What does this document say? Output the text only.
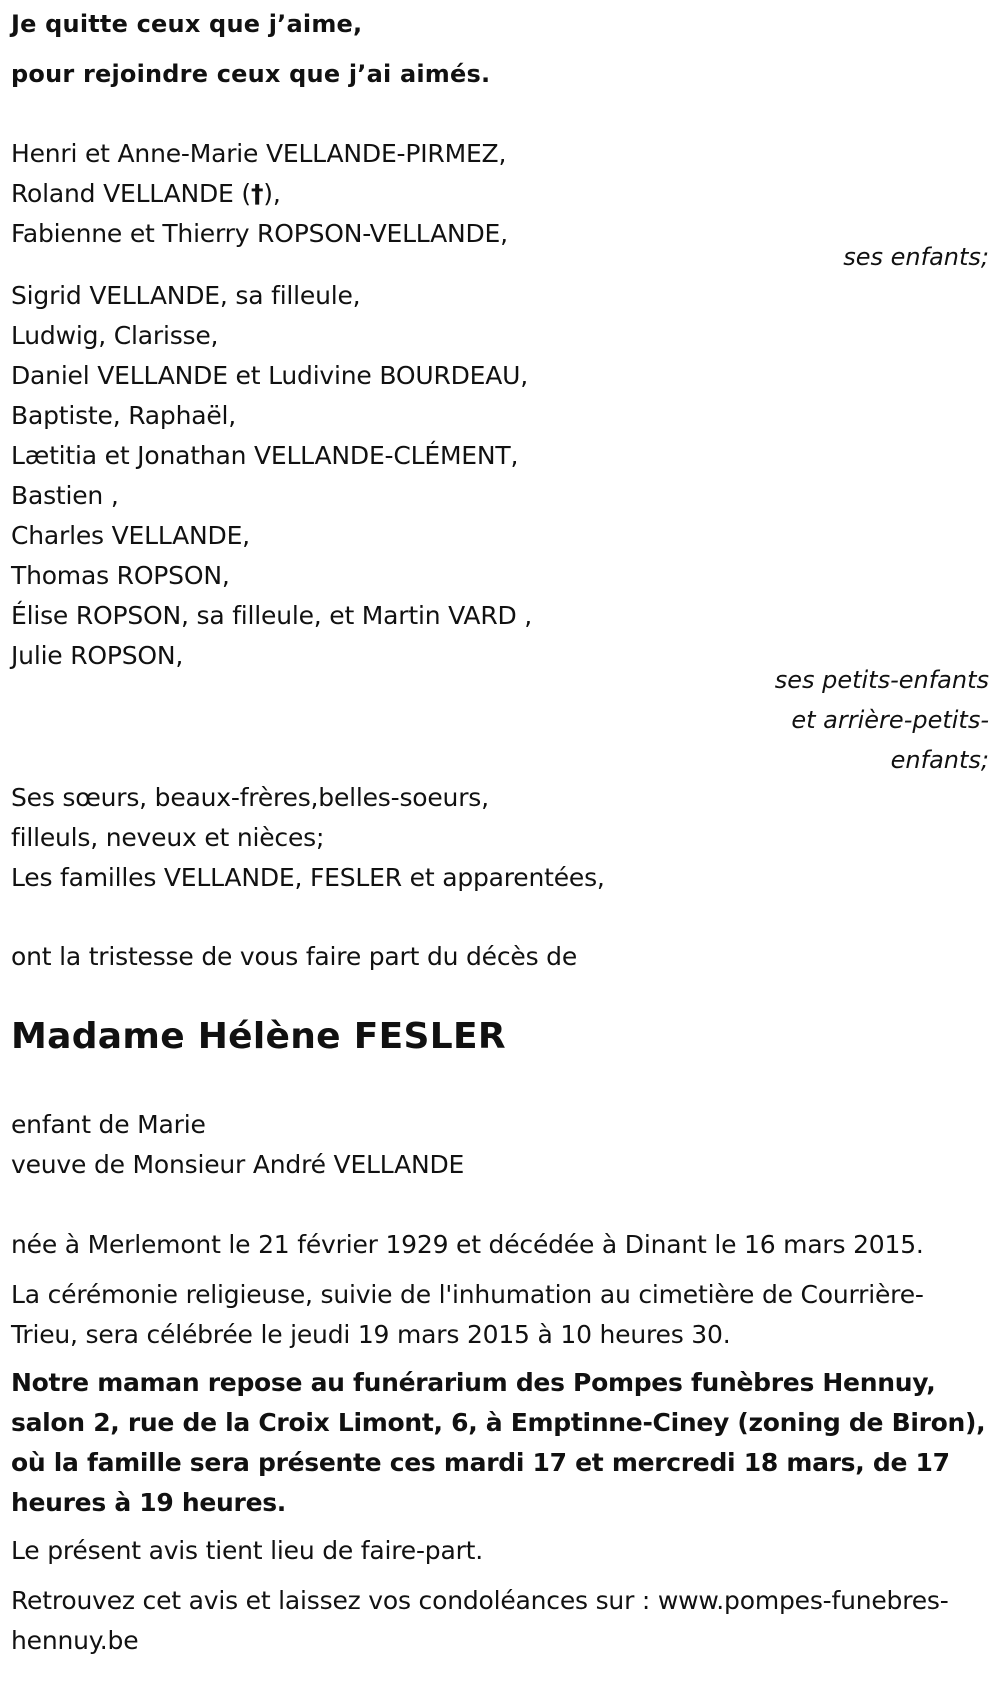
Je quitte ceux que j’aime,
pour rejoindre ceux que j’ai aimés.
Henri et Anne-Marie VELLANDE-PIRMEZ,
Roland VELLANDE (†),
Fabienne et Thierry ROPSON-VELLANDE,
ses enfants;
Sigrid VELLANDE, sa filleule,
Ludwig, Clarisse,
Daniel VELLANDE et Ludivine BOURDEAU,
Baptiste, Raphaël,
Lætitia et Jonathan VELLANDE-CLÉMENT,
Bastien ,
Charles VELLANDE,
Thomas ROPSON,
Élise ROPSON, sa filleule, et Martin VARD ,
Julie ROPSON,
ses petits-enfants
et arrière-petits-
enfants;
Ses sœurs, beaux-frères,belles-soeurs,
filleuls, neveux et nièces;
Les familles VELLANDE, FESLER et apparentées,
ont la tristesse de vous faire part du décès de
Madame Hélène FESLER
enfant de Marie
veuve de Monsieur André VELLANDE
née à Merlemont le 21 février 1929 et décédée à Dinant le 16 mars 2015.
La cérémonie religieuse, suivie de l'inhumation au cimetière de Courrière-Trieu, sera célébrée le jeudi 19 mars 2015 à 10 heures 30.
Notre maman repose au funérarium des Pompes funèbres Hennuy, salon 2, rue de la Croix Limont, 6, à Emptinne-Ciney (zoning de Biron), où la famille sera présente ces mardi 17 et mercredi 18 mars, de 17 heures à 19 heures.
Le présent avis tient lieu de faire-part.
Retrouvez cet avis et laissez vos condoléances sur : www.pompes-funebres-hennuy.be
